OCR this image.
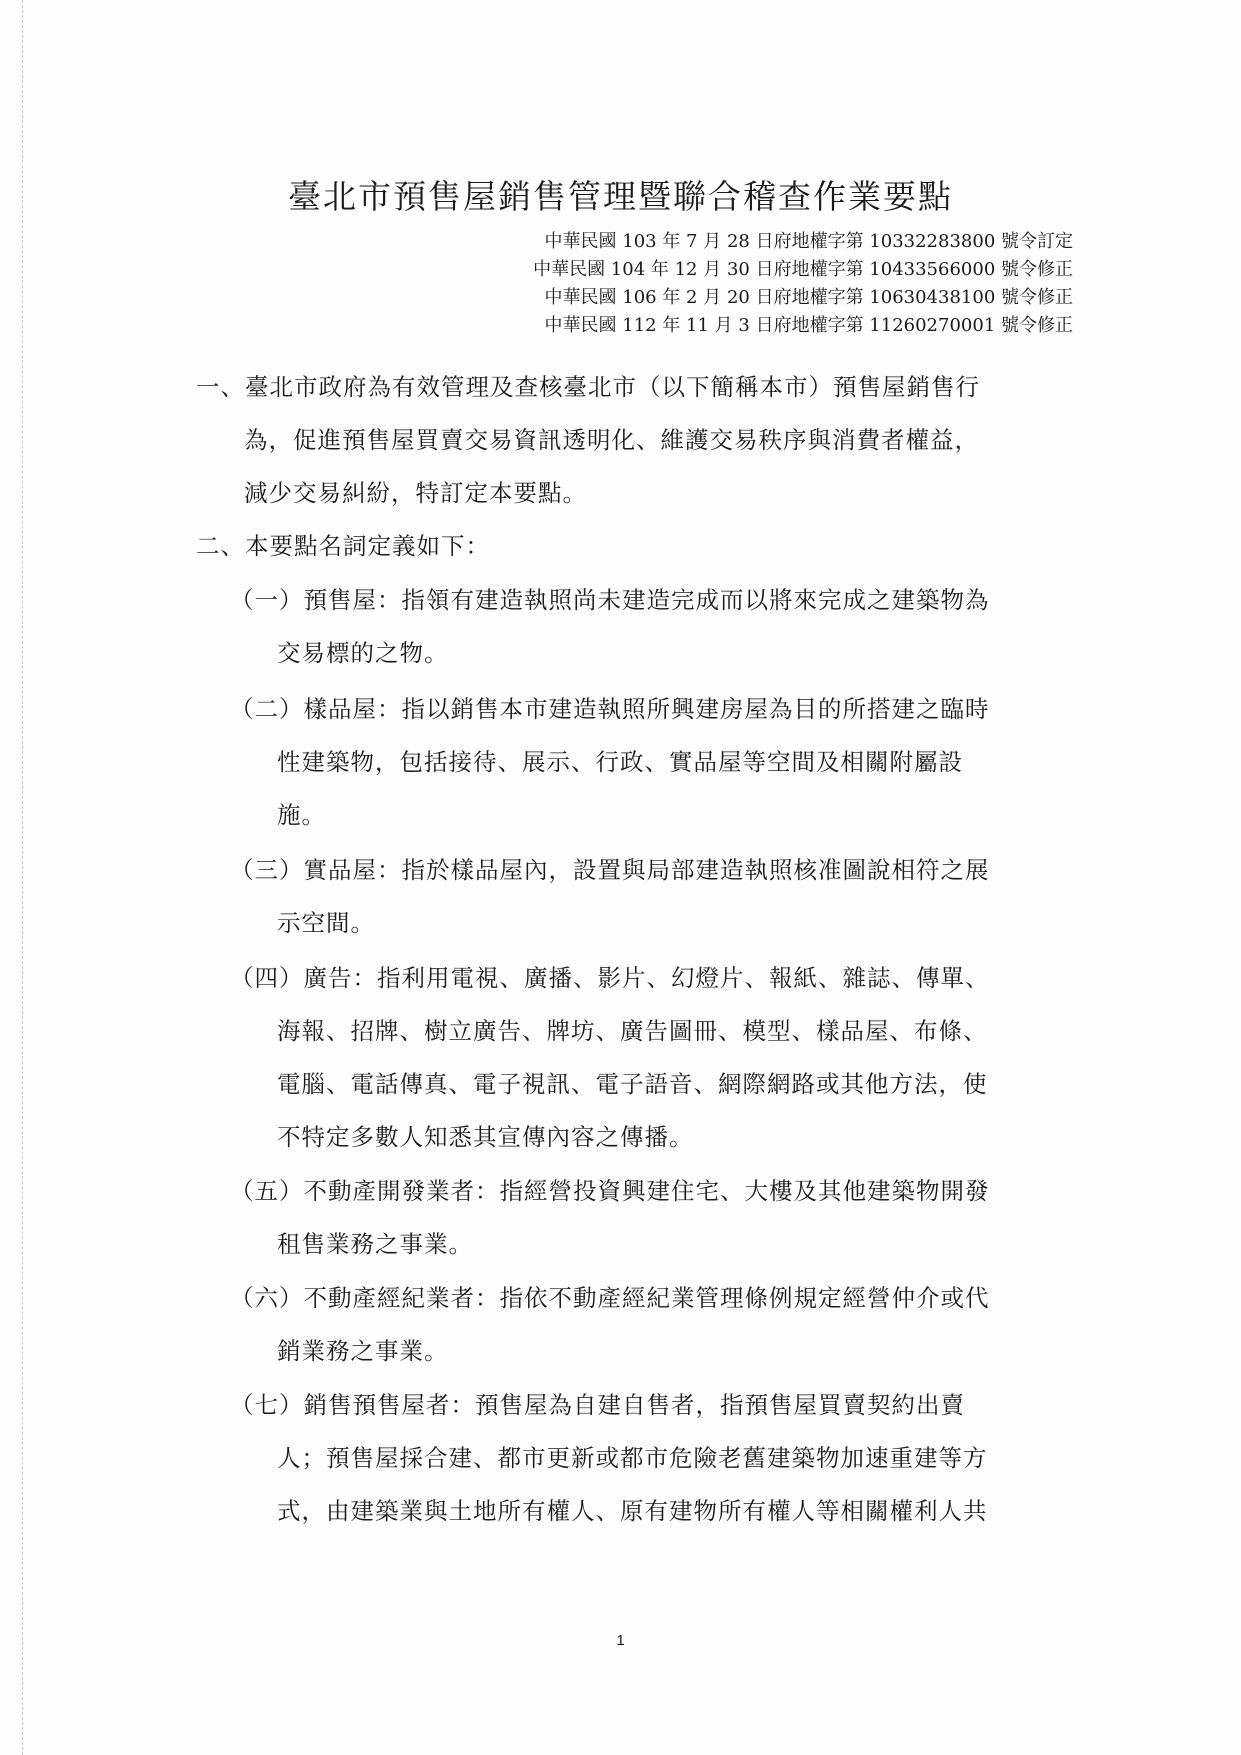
臺北市預售屋銷售管理暨聯合稽查作業要點
中華民國 103 年 7 月 28 日府地權字第 10332283800 號令訂定
中華民國 104 年 12 月 30 日府地權字第 10433566000 號令修正
中華民國 106 年 2 月 20 日府地權字第 10630438100 號令修正
中華民國 112 年 11 月 3 日府地權字第 11260270001 號令修正
一、臺北市政府為有效管理及查核臺北市（以下簡稱本市）預售屋銷售行
為，促進預售屋買賣交易資訊透明化、維護交易秩序與消費者權益，
減少交易糾紛，特訂定本要點。
二、本要點名詞定義如下：
（一）預售屋：指領有建造執照尚未建造完成而以將來完成之建築物為
交易標的之物。
（二）樣品屋：指以銷售本市建造執照所興建房屋為目的所搭建之臨時
性建築物，包括接待、展示、行政、實品屋等空間及相關附屬設
施。
（三）實品屋：指於樣品屋內，設置與局部建造執照核准圖說相符之展
示空間。
（四）廣告：指利用電視、廣播、影片、幻燈片、報紙、雜誌、傳單、
海報、招牌、樹立廣告、牌坊、廣告圖冊、模型、樣品屋、布條、
電腦、電話傳真、電子視訊、電子語音、網際網路或其他方法，使
不特定多數人知悉其宣傳內容之傳播。
（五）不動產開發業者：指經營投資興建住宅、大樓及其他建築物開發
租售業務之事業。
（六）不動產經紀業者：指依不動產經紀業管理條例規定經營仲介或代
銷業務之事業。
（七）銷售預售屋者：預售屋為自建自售者，指預售屋買賣契約出賣
人；預售屋採合建、都市更新或都市危險老舊建築物加速重建等方
式，由建築業與土地所有權人、原有建物所有權人等相關權利人共
1
